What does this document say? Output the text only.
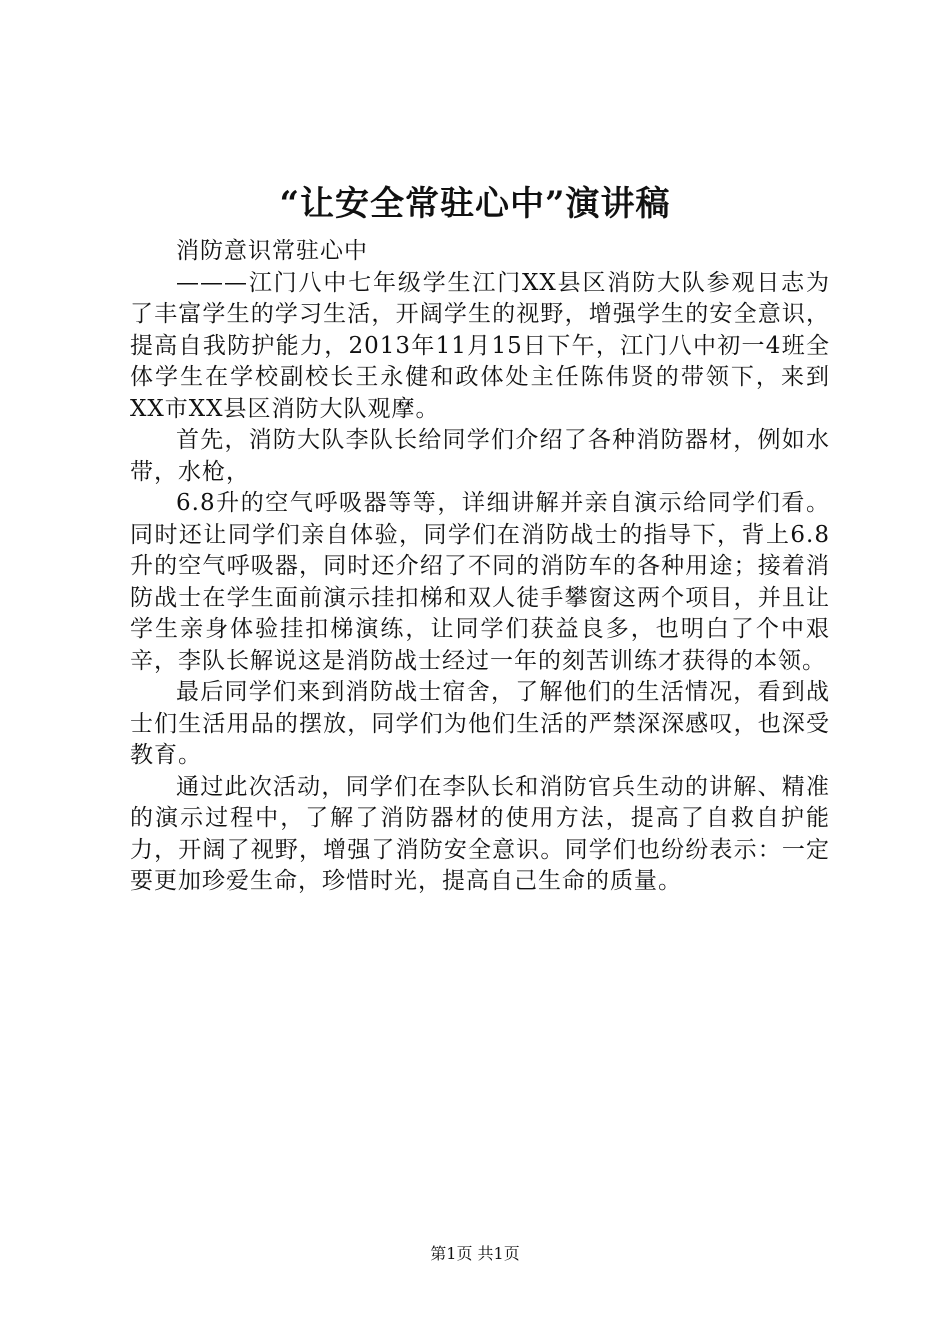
“让安全常驻心中”演讲稿

消防意识常驻心中

———江门八中七年级学生江门XX县区消防大队参观日志为了丰富学生的学习生活，开阔学生的视野，增强学生的安全意识，提高自我防护能力，2013年11月15日下午，江门八中初一4班全体学生在学校副校长王永健和政体处主任陈伟贤的带领下，来到XX市XX县区消防大队观摩。

首先，消防大队李队长给同学们介绍了各种消防器材，例如水带，水枪，

6.8升的空气呼吸器等等，详细讲解并亲自演示给同学们看。同时还让同学们亲自体验，同学们在消防战士的指导下，背上6.8升的空气呼吸器，同时还介绍了不同的消防车的各种用途；接着消防战士在学生面前演示挂扣梯和双人徒手攀窗这两个项目，并且让学生亲身体验挂扣梯演练，让同学们获益良多，也明白了个中艰辛，李队长解说这是消防战士经过一年的刻苦训练才获得的本领。

最后同学们来到消防战士宿舍，了解他们的生活情况，看到战士们生活用品的摆放，同学们为他们生活的严禁深深感叹，也深受教育。

通过此次活动，同学们在李队长和消防官兵生动的讲解、精准的演示过程中，了解了消防器材的使用方法，提高了自救自护能力，开阔了视野，增强了消防安全意识。同学们也纷纷表示：一定要更加珍爱生命，珍惜时光，提高自己生命的质量。

第1页 共1页
